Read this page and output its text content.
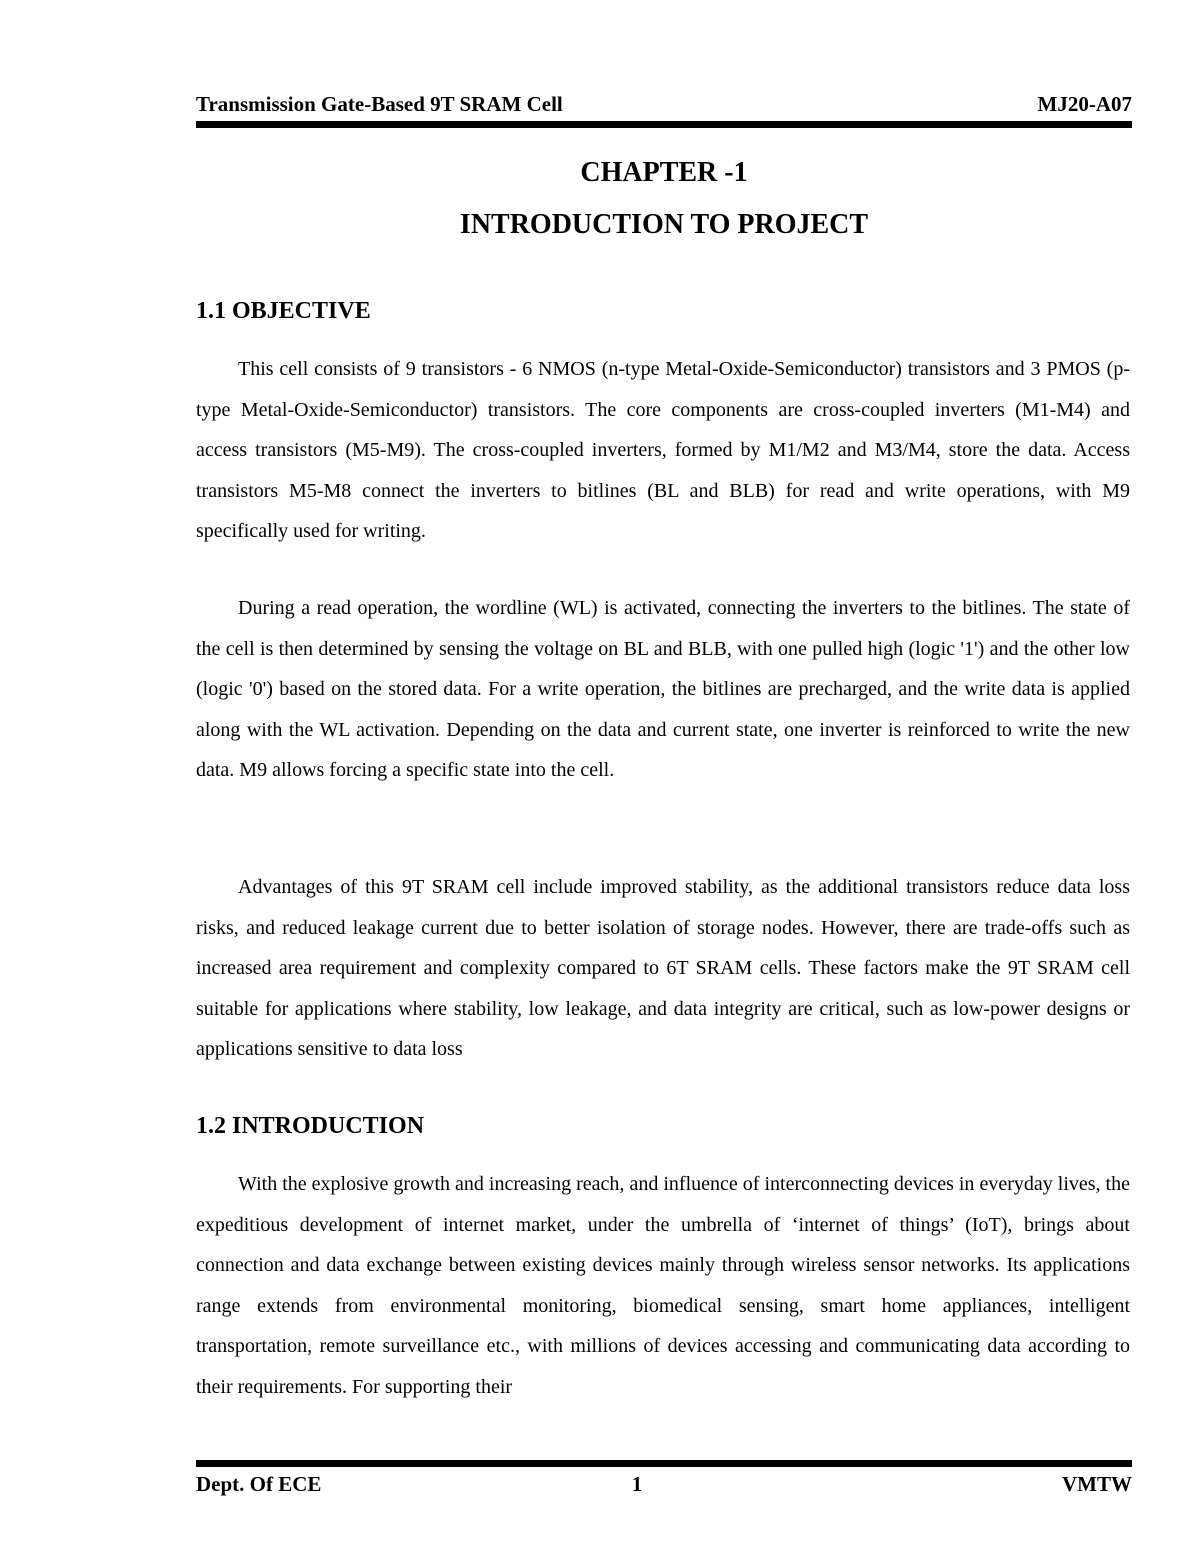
Transmission Gate-Based 9T SRAM Cell	MJ20-A07
CHAPTER -1
INTRODUCTION TO PROJECT
1.1 OBJECTIVE

This cell consists of 9 transistors - 6 NMOS (n-type Metal-Oxide-Semiconductor) transistors and 3 PMOS (p-type Metal-Oxide-Semiconductor) transistors. The core components are cross-coupled inverters (M1-M4) and access transistors (M5-M9). The cross-coupled inverters, formed by M1/M2 and M3/M4, store the data. Access transistors M5-M8 connect the inverters to bitlines (BL and BLB) for read and write operations, with M9 specifically used for writing.

During a read operation, the wordline (WL) is activated, connecting the inverters to the bitlines. The state of the cell is then determined by sensing the voltage on BL and BLB, with one pulled high (logic '1') and the other low (logic '0') based on the stored data. For a write operation, the bitlines are precharged, and the write data is applied along with the WL activation. Depending on the data and current state, one inverter is reinforced to write the new data. M9 allows forcing a specific state into the cell.

Advantages of this 9T SRAM cell include improved stability, as the additional transistors reduce data loss risks, and reduced leakage current due to better isolation of storage nodes. However, there are trade-offs such as increased area requirement and complexity compared to 6T SRAM cells. These factors make the 9T SRAM cell suitable for applications where stability, low leakage, and data integrity are critical, such as low-power designs or applications sensitive to data loss

1.2 INTRODUCTION

With the explosive growth and increasing reach, and influence of interconnecting devices in everyday lives, the expeditious development of internet market, under the umbrella of ‘internet of things’ (IoT), brings about connection and data exchange between existing devices mainly through wireless sensor networks. Its applications range extends from environmental monitoring, biomedical sensing, smart home appliances, intelligent transportation, remote surveillance etc., with millions of devices accessing and communicating data according to their requirements. For supporting their

Dept. Of ECE	1	VMTW
